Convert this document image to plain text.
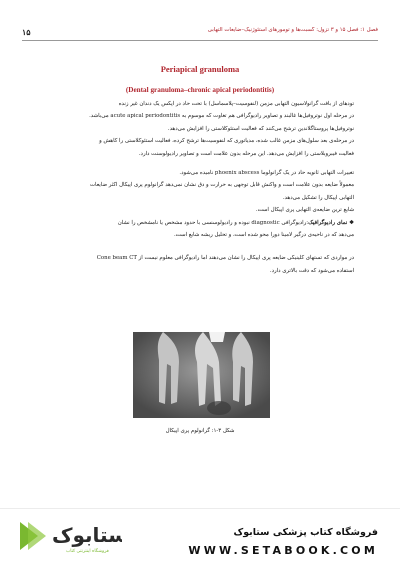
۱۵	فصل ۱: فصل ۱۵ و ۳ تزول: گسبت‌ها و تومورهای استئوژنیک–ضایعات التهابی
Periapical granuloma
(Dental granuloma–chronic apical periodontitis)

تودهای از بافت گرانولاسیون التهابی مزمن (لنفوسیت–پلاسماسل) با تحت حاد در اپکس یک دندان غیر زنده

در مرحله اول نوتروفیل‌ها غالبند و تصاویر رادیوگرافی هم تغاوت که موسوم به acute apical periodontitis می‌باشد.

نوتروفیل‌ها پروستاگلاندین ترشح می‌کنند که فعالیت استئوکلاستی را افزایش می‌دهد.

در مرحله‌ی بعد سلول‌های مزمن غالب شده، مدیاتوری که لنفوسیت‌ها ترشح کرده، فعالیت استئوکلاستی را کاهش و

فعالیت فیبروبلاستی را افزایش می‌دهد. این مرحله بدون علامت است و تصاویر رادیولوسنت دارد.

تغییرات التهابی ثانویه حاد در یک گرانولوما phoenix abscess نامیده می‌شود.

معمولاً ضایعه بدون علامت است و واکنش قابل توجهی به حرارت و دق نشان نمی‌دهد گرانولوم پری اپیکال اکثر ضایعات

التهابی اپیکال را تشکیل می‌دهد.

شایع ترین ضایعه‌ی التهابی پری اپیکال است.

❖ نمای رادیوگرافیک:رادیوگرافی diagnostic نبوده و رادیولوسنسی با حدود مشخص یا نامشخص را نشان

می‌دهد که در ناحیه‌ی درگیر لامینا دورا محو شده است، و تحلیل ریشه شایع است.

در مواردی که تستهای کلینیکی ضایعه پری اپیکال را نشان می‌دهند اما رادیوگرافی معلوم نیست از Cone beam CT

استفاده می‌شود که دقت بالاتری دارد.

شکل ۳-۱: گرانولوم پری اپیکال
فروشگاه کتاب پزشکی ستابوک
WWW.SETABOOK.COM
ستابوک
فروشگاه اینترنتی کتاب
